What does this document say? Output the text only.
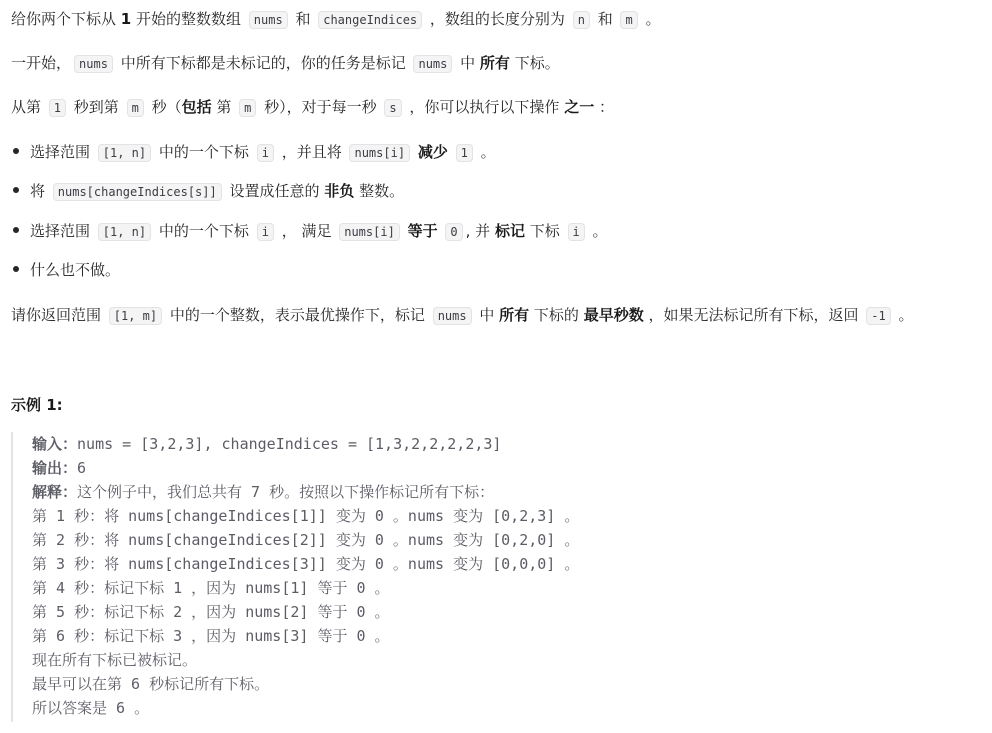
给你两个下标从 1 开始的整数数组 nums 和 changeIndices ，数组的长度分别为 n 和 m 。
一开始， nums 中所有下标都是未标记的，你的任务是标记 nums 中 所有 下标。
从第 1 秒到第 m 秒（包括 第 m 秒），对于每一秒 s ，你可以执行以下操作 之一 ：
选择范围 [1, n] 中的一个下标 i ，并且将 nums[i] 减少 1 。
将 nums[changeIndices[s]] 设置成任意的 非负 整数。
选择范围 [1, n] 中的一个下标 i ， 满足 nums[i] 等于 0 , 并 标记 下标 i 。
什么也不做。
请你返回范围 [1, m] 中的一个整数，表示最优操作下，标记 nums 中 所有 下标的 最早秒数 ，如果无法标记所有下标，返回 -1 。
示例 1:
输入：nums = [3,2,3], changeIndices = [1,3,2,2,2,2,3]
输出：6
解释：这个例子中，我们总共有 7 秒。按照以下操作标记所有下标：
第 1 秒：将 nums[changeIndices[1]] 变为 0 。nums 变为 [0,2,3] 。
第 2 秒：将 nums[changeIndices[2]] 变为 0 。nums 变为 [0,2,0] 。
第 3 秒：将 nums[changeIndices[3]] 变为 0 。nums 变为 [0,0,0] 。
第 4 秒：标记下标 1 ，因为 nums[1] 等于 0 。
第 5 秒：标记下标 2 ，因为 nums[2] 等于 0 。
第 6 秒：标记下标 3 ，因为 nums[3] 等于 0 。
现在所有下标已被标记。
最早可以在第 6 秒标记所有下标。
所以答案是 6 。
